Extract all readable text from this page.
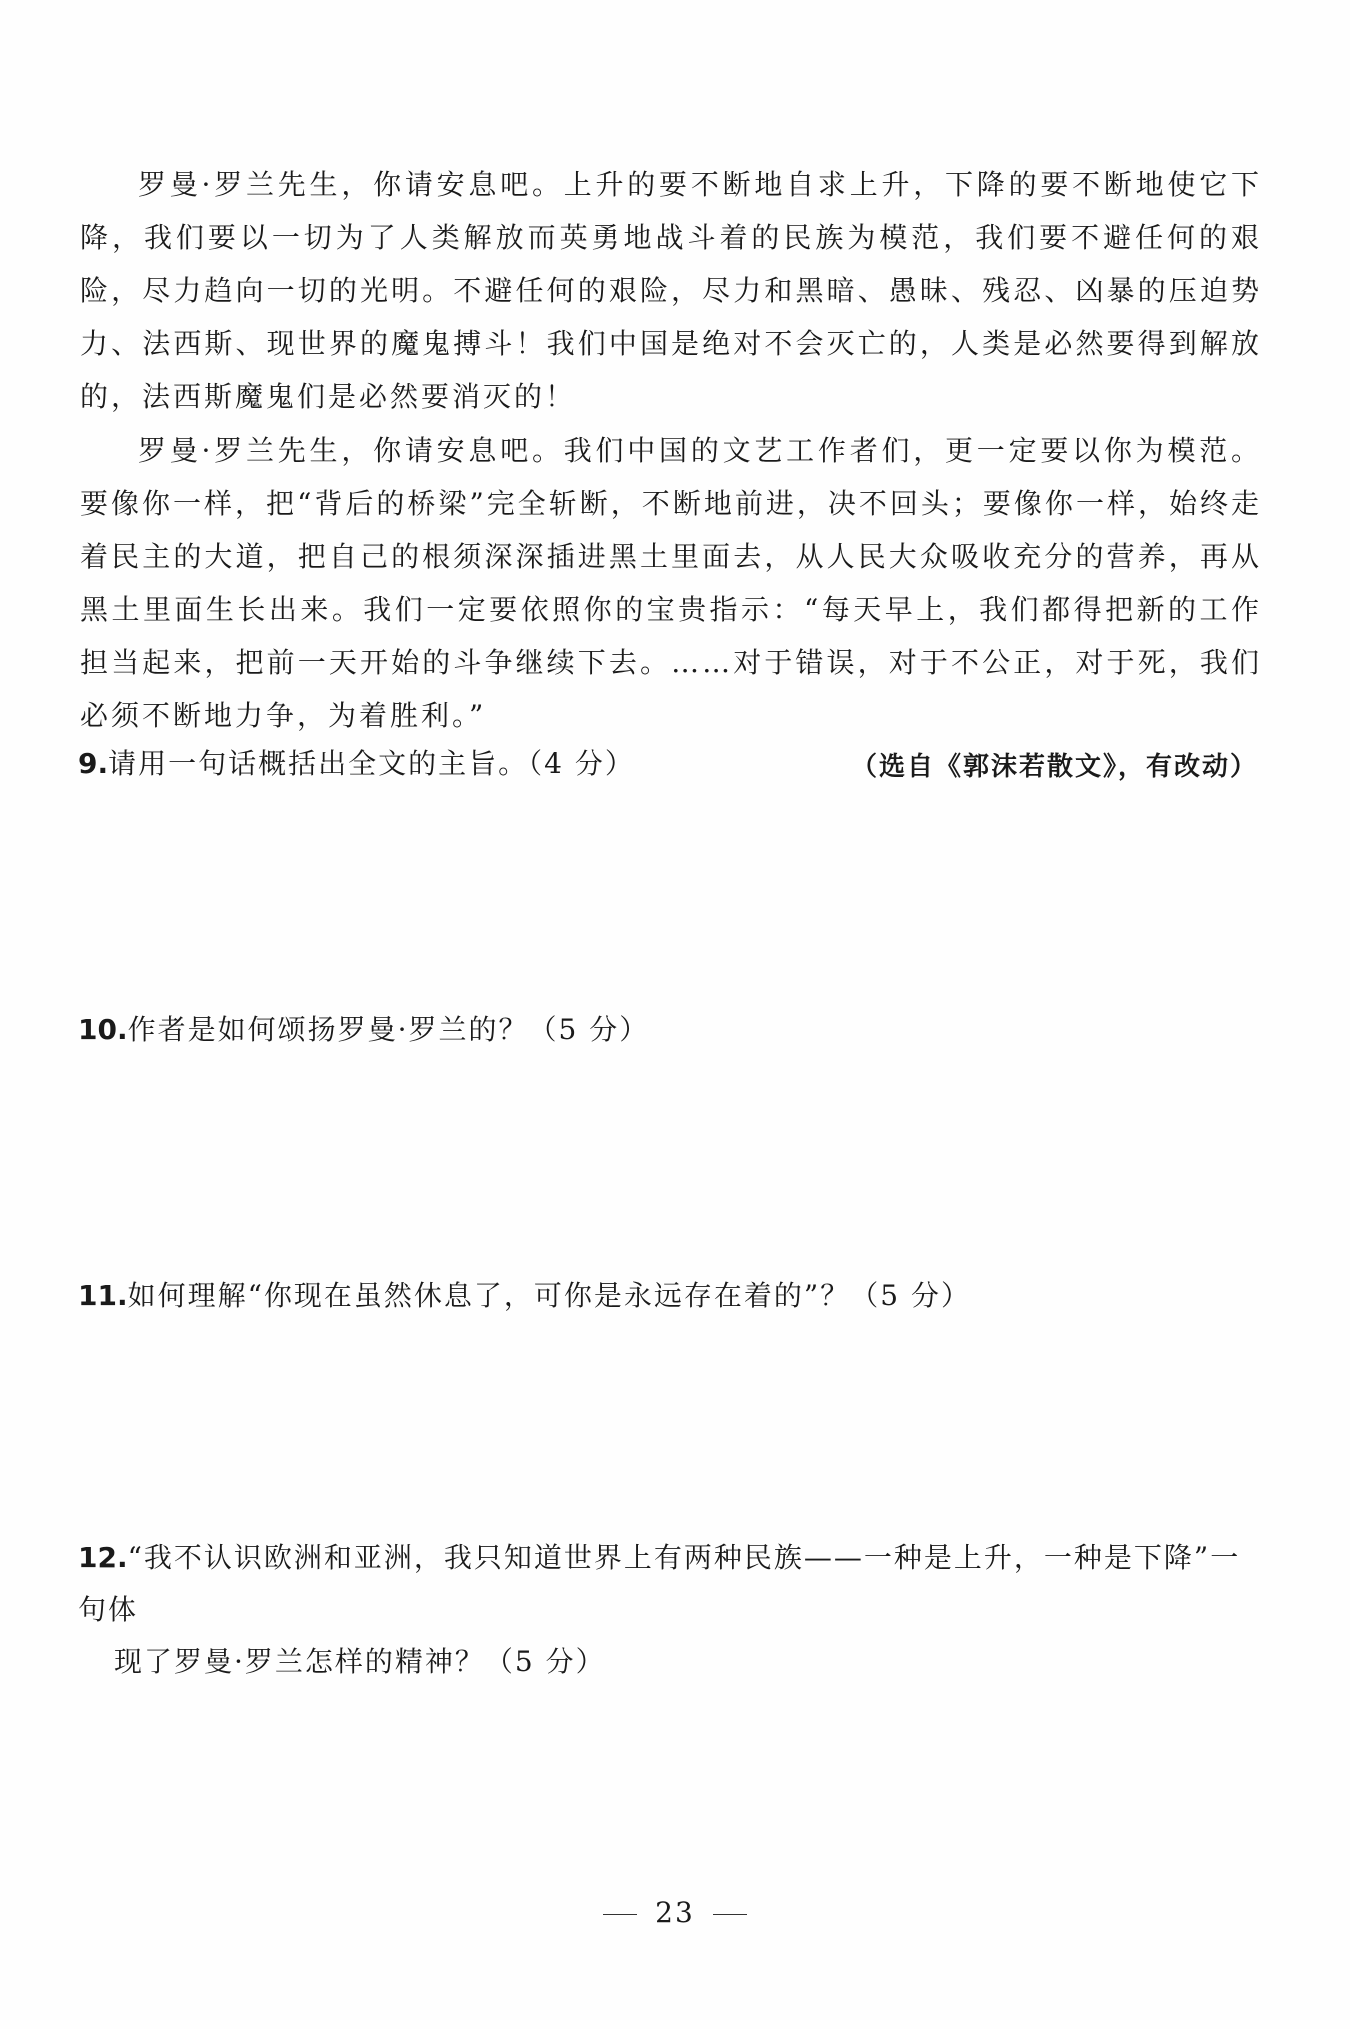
罗曼·罗兰先生，你请安息吧。上升的要不断地自求上升，下降的要不断地使它下降，我们要以一切为了人类解放而英勇地战斗着的民族为模范，我们要不避任何的艰险，尽力趋向一切的光明。不避任何的艰险，尽力和黑暗、愚昧、残忍、凶暴的压迫势力、法西斯、现世界的魔鬼搏斗！我们中国是绝对不会灭亡的，人类是必然要得到解放的，法西斯魔鬼们是必然要消灭的！

罗曼·罗兰先生，你请安息吧。我们中国的文艺工作者们，更一定要以你为模范。要像你一样，把“背后的桥梁”完全斩断，不断地前进，决不回头；要像你一样，始终走着民主的大道，把自己的根须深深插进黑土里面去，从人民大众吸收充分的营养，再从黑土里面生长出来。我们一定要依照你的宝贵指示：“每天早上，我们都得把新的工作担当起来，把前一天开始的斗争继续下去。……对于错误，对于不公正，对于死，我们必须不断地力争，为着胜利。”

（选自《郭沫若散文》，有改动）

9.请用一句话概括出全文的主旨。（4 分）
10.作者是如何颂扬罗曼·罗兰的？（5 分）
11.如何理解“你现在虽然休息了，可你是永远存在着的”？（5 分）
12.“我不认识欧洲和亚洲，我只知道世界上有两种民族——一种是上升，一种是下降”一句体
现了罗曼·罗兰怎样的精神？（5 分）
23
